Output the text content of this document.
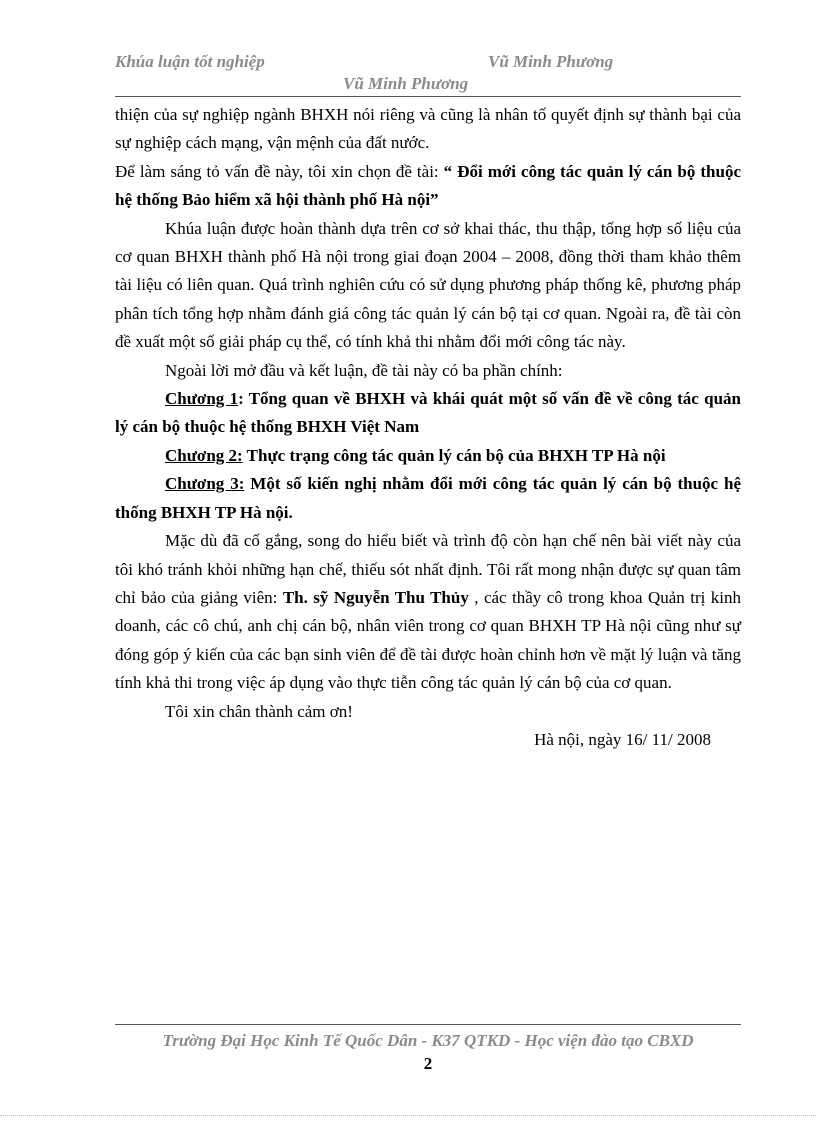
Khúa luận tốt nghiệp	Vũ Minh Phương
Vũ Minh Phương

thiện của sự nghiệp ngành BHXH nói riêng và cũng là nhân tố quyết định sự thành bại của sự nghiệp cách mạng, vận mệnh của đất nước.

Để làm sáng tỏ vấn đề này, tôi xin chọn đề tài: “ Đổi mới công tác quản lý cán bộ thuộc hệ thống Bảo hiểm xã hội thành phố Hà nội”

Khúa luận được hoàn thành dựa trên cơ sở khai thác, thu thập, tổng hợp số liệu của cơ quan BHXH thành phố Hà nội trong giai đoạn 2004 – 2008, đồng thời tham khảo thêm tài liệu có liên quan. Quá trình nghiên cứu có sử dụng phương pháp thống kê, phương pháp phân tích tổng hợp nhằm đánh giá công tác quản lý cán bộ tại cơ quan. Ngoài ra, đề tài còn đề xuất một số giải pháp cụ thể, có tính khả thi nhằm đổi mới công tác này.

Ngoài lời mở đầu và kết luận, đề tài này có ba phần chính:

Chương 1: Tổng quan về BHXH và khái quát một số vấn đề về công tác quản lý cán bộ thuộc hệ thống BHXH Việt Nam

Chương 2: Thực trạng công tác quản lý cán bộ của BHXH TP Hà nội

Chương 3: Một số kiến nghị nhằm đổi mới công tác quản lý cán bộ thuộc hệ thống BHXH TP Hà nội.

Mặc dù đã cố gắng, song do hiểu biết và trình độ còn hạn chế nên bài viết này của tôi khó tránh khỏi những hạn chế, thiếu sót nhất định. Tôi rất mong nhận được sự quan tâm chỉ bảo của giảng viên: Th. sỹ Nguyễn Thu Thủy , các thầy cô trong khoa Quản trị kinh doanh, các cô chú, anh chị cán bộ, nhân viên trong cơ quan BHXH TP Hà nội cũng như sự đóng góp ý kiến của các bạn sinh viên để đề tài được hoàn chỉnh hơn về mặt lý luận và tăng tính khả thi trong việc áp dụng vào thực tiễn công tác quản lý cán bộ của cơ quan.

Tôi xin chân thành cảm ơn!

Hà nội, ngày 16/ 11/ 2008

Trường Đại Học Kinh Tế Quốc Dân - K37 QTKD - Học viện đào tạo CBXD
2
